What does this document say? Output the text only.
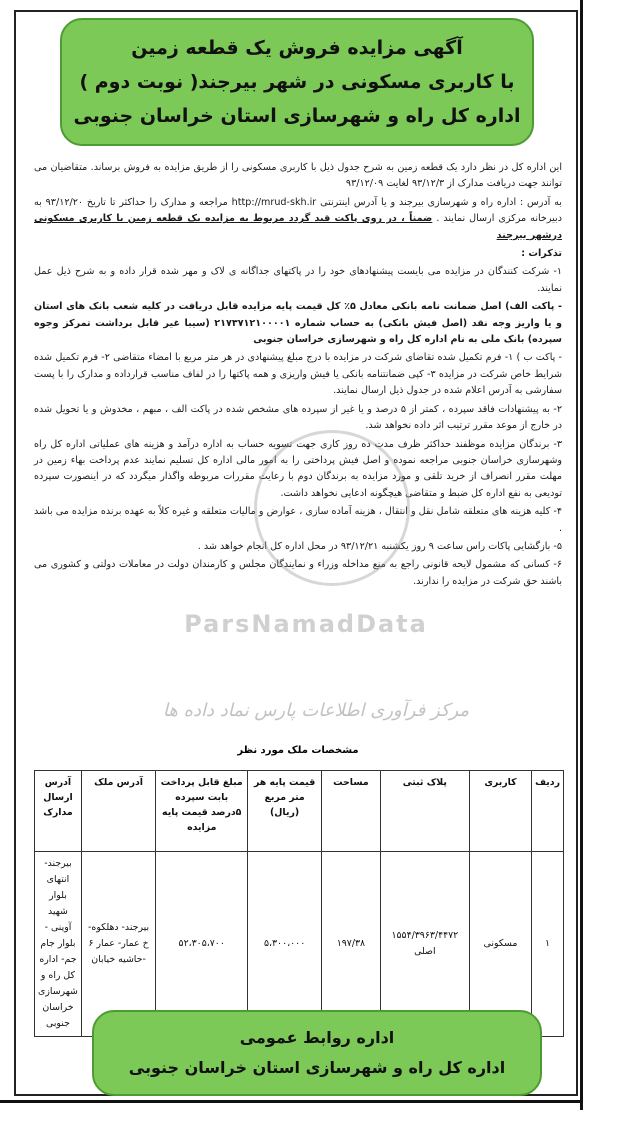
آگهی مزایده فروش یک قطعه زمین
با کاربری مسکونی در شهر بیرجند( نوبت دوم )
اداره کل راه و شهرسازی استان خراسان جنوبی

این اداره کل در نظر دارد یک قطعه زمین به شرح جدول ذیل با کاربری مسکونی را از طریق مزایده به فروش برساند. متقاضیان می توانند جهت دریافت مدارک از ۹۳/۱۲/۳ لغایت ۹۳/۱۲/۰۹

به آدرس : اداره راه و شهرسازی بیرجند و یا آدرس اینترنتی http://mrud-skh.ir مراجعه و مدارک را حداکثر تا تاریخ ۹۳/۱۲/۲۰ به دبیرخانه مرکزی ارسال نمایند . ضمناً ، در روی پاکت قید گردد مربوط به مزایده یک قطعه زمین با کاربری مسکونی درشهر بیرجند

تذکرات :

۱- شرکت کنندگان در مزایده می بایست پیشنهادهای خود را در پاکتهای جداگانه ی لاک و مهر شده قرار داده و به شرح ذیل عمل نمایند.

- پاکت الف) اصل ضمانت نامه بانکی معادل ۵٪ کل قیمت پایه مزایده قابل دریافت در کلیه شعب بانک های استان و یا واریز وجه نقد (اصل فیش بانکی) به حساب شماره ۲۱۷۳۷۱۲۱۰۰۰۰۱ (سیبا غیر قابل برداشت تمرکز وجوه سپرده) بانک ملی به نام اداره کل راه و شهرسازی خراسان جنوبی

- پاکت ب ) ۱- فرم تکمیل شده تقاضای شرکت در مزایده با درج مبلغ پیشنهادی در هر متر مربع با امضاء متقاضی ۲- فرم تکمیل شده شرایط خاص شرکت در مزایده ۳- کپی ضمانتنامه بانکی یا فیش واریزی و همه پاکتها را در لفاف مناسب قرارداده و مدارک را با پست سفارشی به آدرس اعلام شده در جدول ذیل ارسال نمایند.

۲- به پیشنهادات فاقد سپرده ، کمتر از ۵ درصد و یا غیر از سپرده های مشخص شده در پاکت الف ، مبهم ، مخدوش و یا تحویل شده در خارج از موعد مقرر ترتیب اثر داده نخواهد شد.

۳- برندگان مزایده موظفند حداکثر ظرف مدت ده روز کاری جهت تسویه حساب به اداره درآمد و هزینه های عملیاتی اداره کل راه وشهرسازی خراسان جنوبی مراجعه نموده و اصل فیش پرداختی را به امور مالی اداره کل تسلیم نمایند عدم پرداخت بهاء زمین در مهلت مقرر انصراف از خرید تلقی و مورد مزایده به برندگان دوم با رعایت مقررات مربوطه واگذار میگردد که در اینصورت سپرده تودیعی به نفع اداره کل ضبط و متقاضی هیچگونه ادعایی نخواهد داشت.

۴- کلیه هزینه های متعلقه شامل نقل و انتقال ، هزینه آماده سازی ، عوارض و مالیات متعلقه و غیره کلاً به عهده برنده مزایده می باشد .

۵- بازگشایی پاکات راس ساعت ۹ روز یکشنبه ۹۳/۱۲/۲۱ در محل اداره کل انجام خواهد شد .

۶- کسانی که مشمول لایحه قانونی راجع به منع مداخله وزراء و نمایندگان مجلس و کارمندان دولت در معاملات دولتی و کشوری می باشند حق شرکت در مزایده را ندارند.

ParsNamadData
مرکز فرآوری اطلاعات پارس نماد داده ها
مشخصات ملک مورد نظر
ردیف	کاربری	پلاک ثبتی	مساحت	قیمت پایه هر متر مربع (ریال)	مبلغ قابل پرداخت بابت سپرده ۵درصد قیمت پایه مزایده	آدرس ملک	آدرس ارسال مدارک
۱	مسکونی	۱۵۵۴/۳۹۶۳/۴۴۷۲ اصلی	۱۹۷/۳۸	۵،۳۰۰،۰۰۰	۵۲،۳۰۵،۷۰۰	بیرجند- دهلکوه- خ عمار- عمار ۶ -حاشیه خیابان	بیرجند- انتهای بلوار شهید آوینی - بلوار جام جم- اداره کل راه و شهرسازی خراسان جنوبی
اداره روابط عمومی
اداره کل راه و شهرسازی استان خراسان جنوبی
